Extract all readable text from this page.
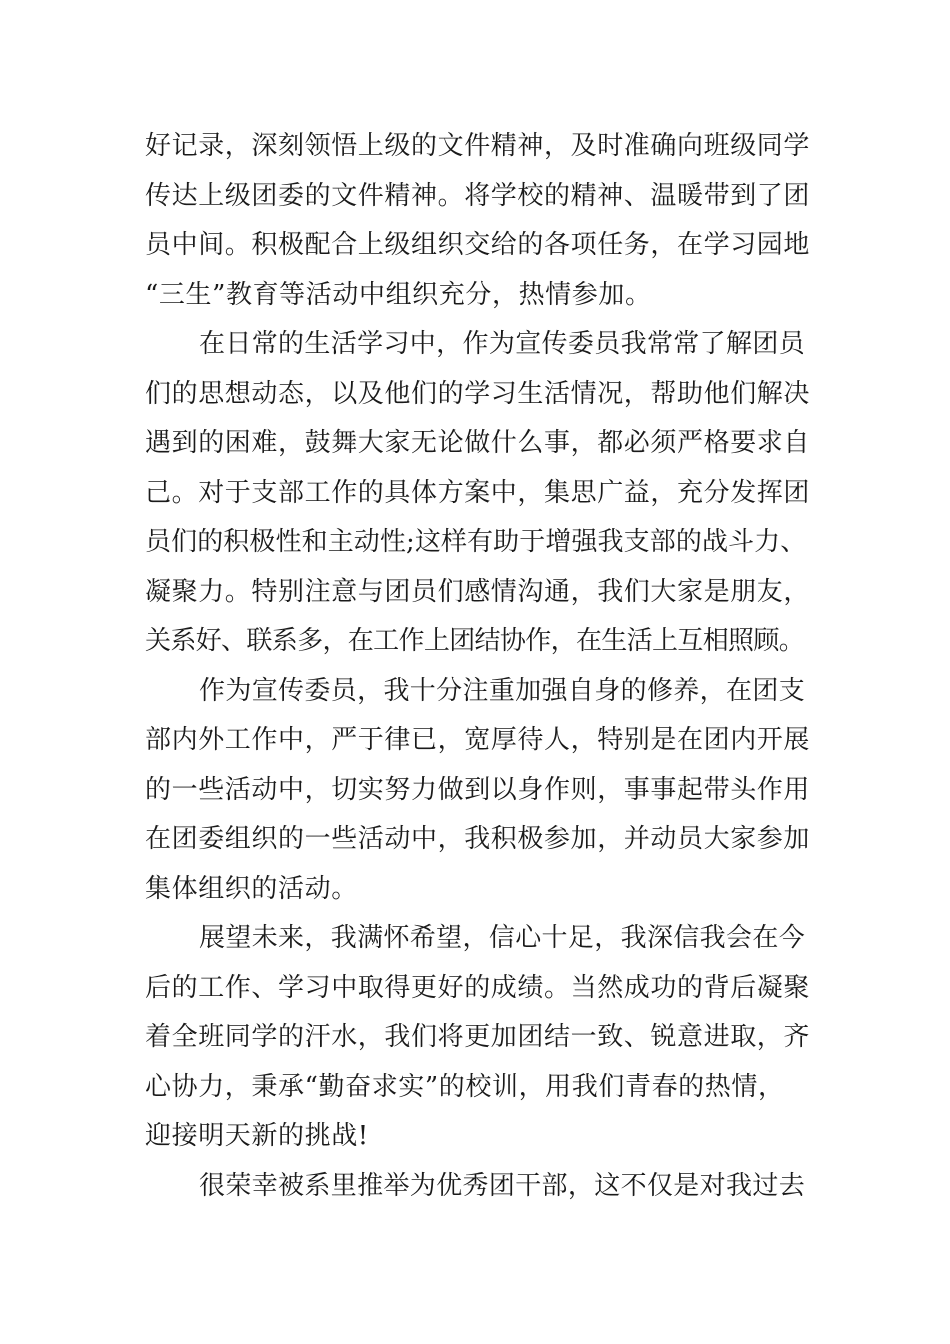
好记录，深刻领悟上级的文件精神，及时准确向班级同学
传达上级团委的文件精神。将学校的精神、温暖带到了团
员中间。积极配合上级组织交给的各项任务，在学习园地
“三生”教育等活动中组织充分，热情参加。
在日常的生活学习中，作为宣传委员我常常了解团员
们的思想动态，以及他们的学习生活情况，帮助他们解决
遇到的困难，鼓舞大家无论做什么事，都必须严格要求自
己。对于支部工作的具体方案中，集思广益，充分发挥团
员们的积极性和主动性;这样有助于增强我支部的战斗力、
凝聚力。特别注意与团员们感情沟通，我们大家是朋友，
关系好、联系多，在工作上团结协作，在生活上互相照顾。
作为宣传委员，我十分注重加强自身的修养，在团支
部内外工作中，严于律已，宽厚待人，特别是在团内开展
的一些活动中，切实努力做到以身作则，事事起带头作用
在团委组织的一些活动中，我积极参加，并动员大家参加
集体组织的活动。
展望未来，我满怀希望，信心十足，我深信我会在今
后的工作、学习中取得更好的成绩。当然成功的背后凝聚
着全班同学的汗水，我们将更加团结一致、锐意进取，齐
心协力，秉承“勤奋求实”的校训，用我们青春的热情，
迎接明天新的挑战!
很荣幸被系里推举为优秀团干部，这不仅是对我过去
